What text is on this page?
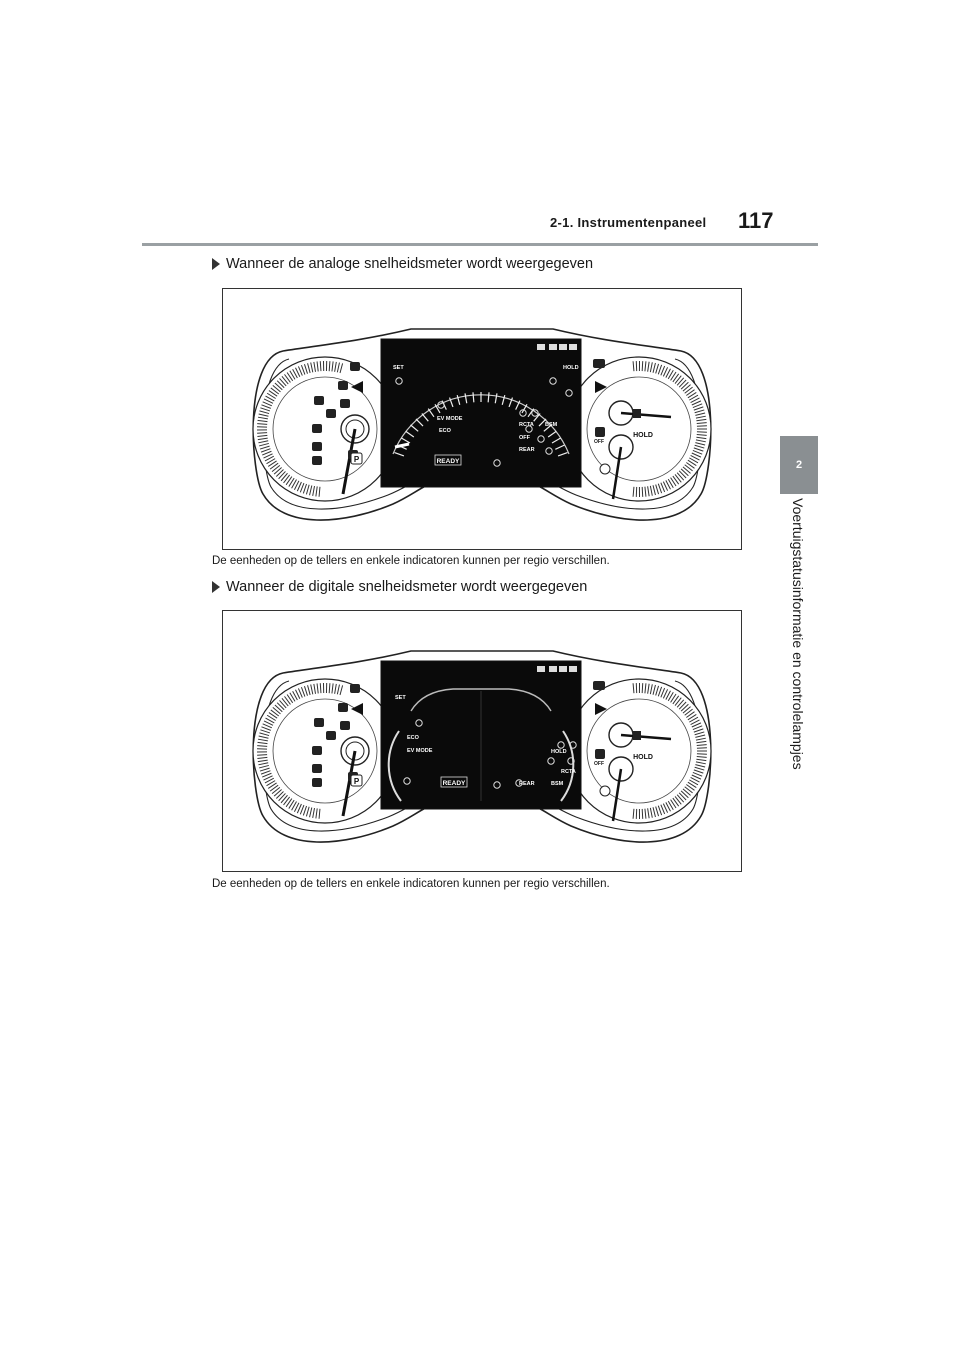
2-1. Instrumentenpaneel 117
2
Voertuigstatusinformatie en controlelampjes
Wanneer de analoge snelheidsmeter wordt weergegeven
P
OFF
HOLD
SET
EV MODE
ECO
RCTA BSM
OFF
REAR
READY
HOLD
De eenheden op de tellers en enkele indicatoren kunnen per regio verschillen.
Wanneer de digitale snelheidsmeter wordt weergegeven
P
OFF
HOLD
SET
ECO
EV MODE
REAR	BSM
RCTA
READY
HOLD
De eenheden op de tellers en enkele indicatoren kunnen per regio verschillen.
